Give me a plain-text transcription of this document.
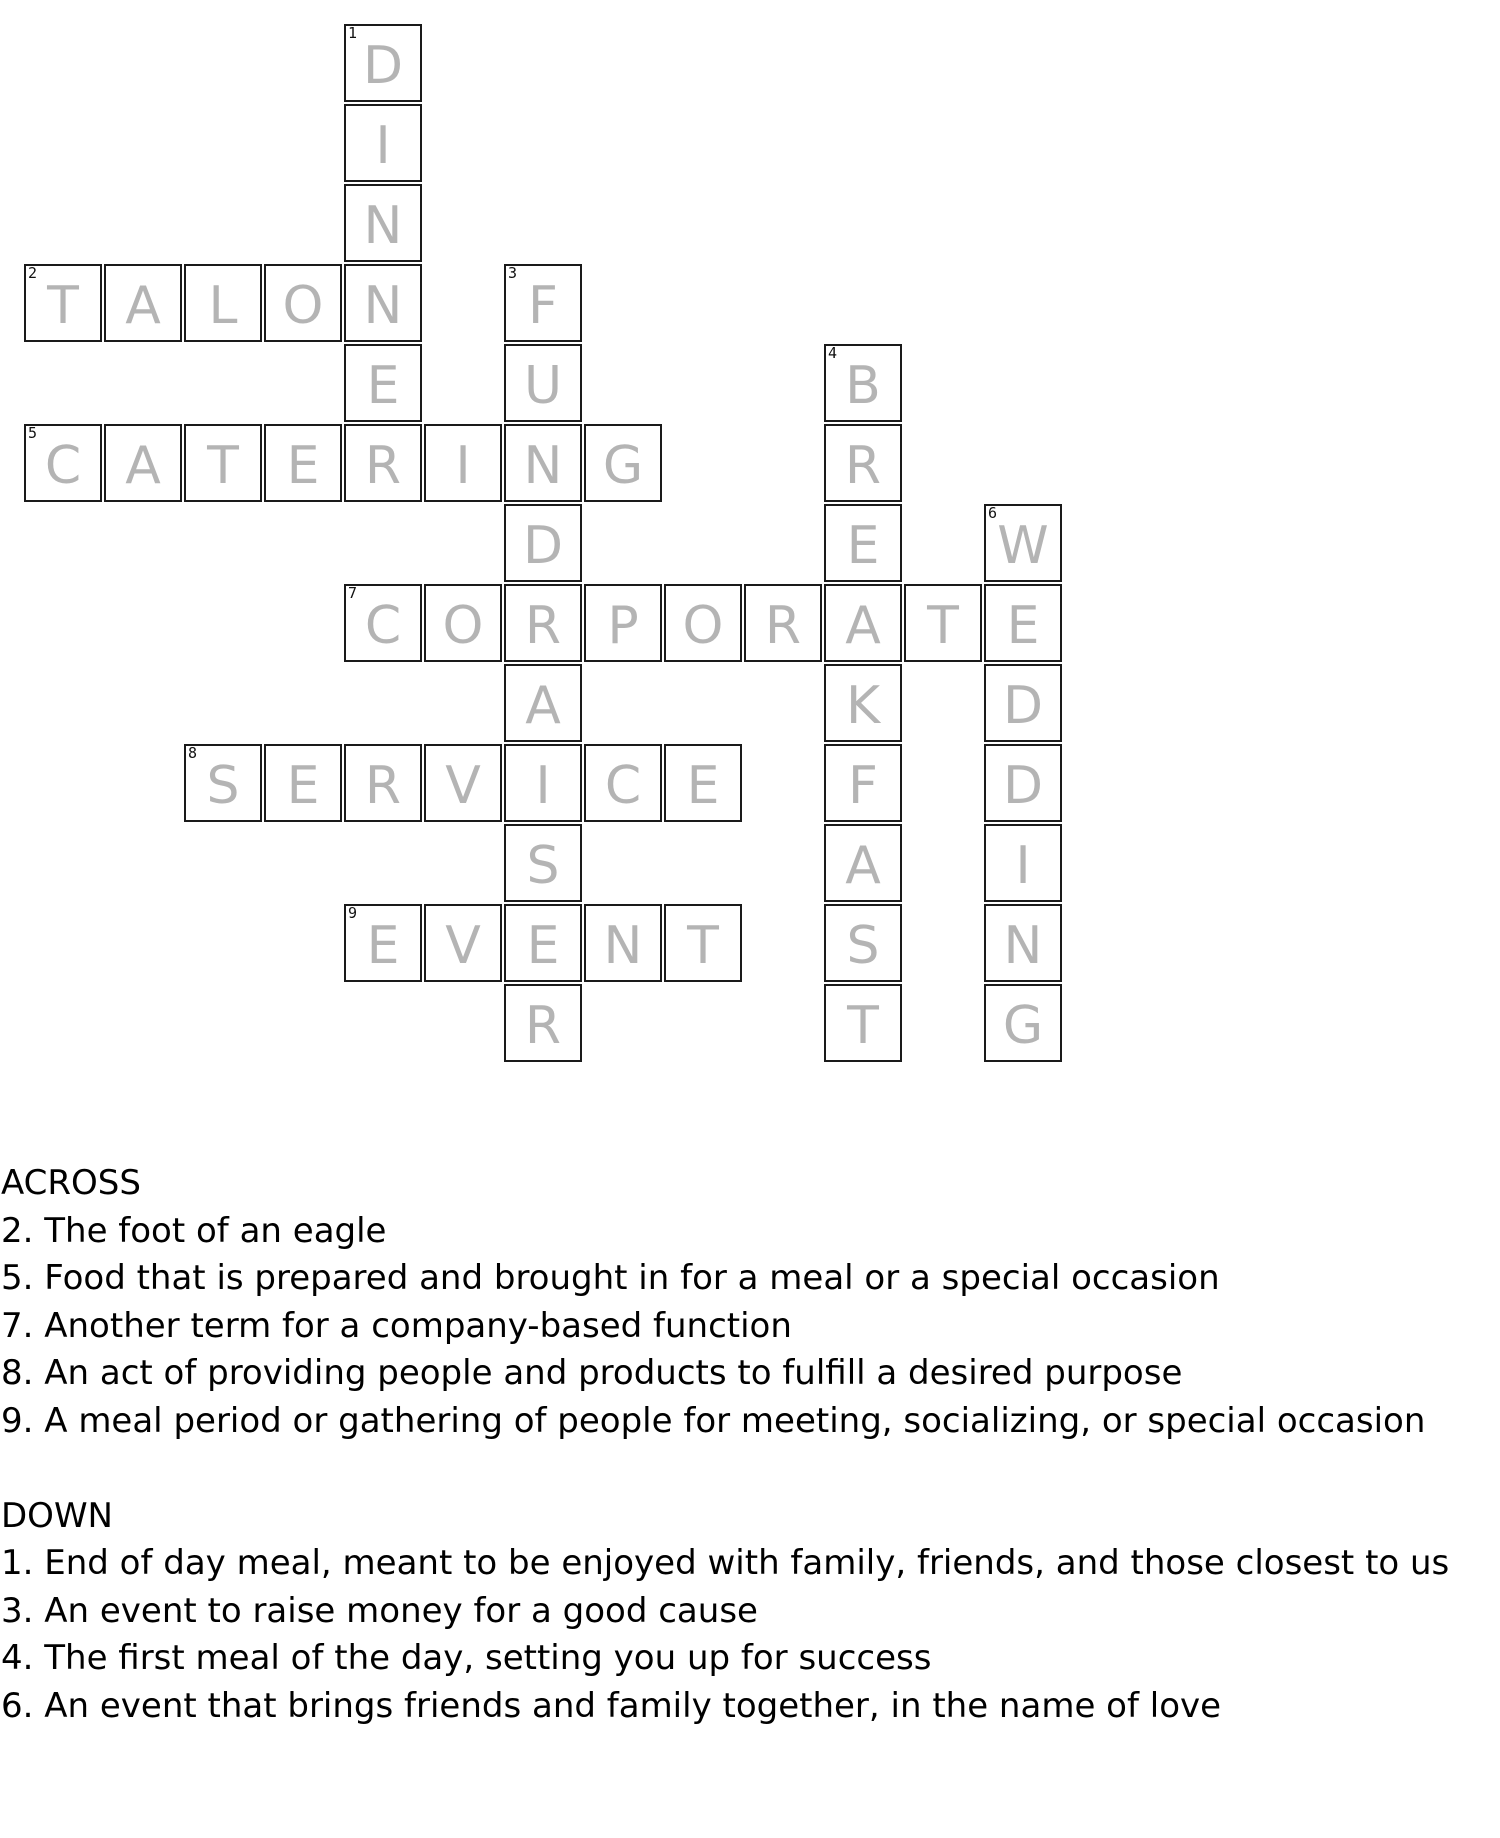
1
D
I
N
2
T A L O N
3
F
E	U
4
B
5
C A T E R	I	N G	R
D	E
6
W
7
C O R P O R A T E
A	K	D
8
S E R V	I	C E	F	D
S	A	I
9
E V E N T	S	N
R	T	G
ACROSS
2. The foot of an eagle
5. Food that is prepared and brought in for a meal or a special occasion
7. Another term for a company-based function
8. An act of providing people and products to fulfill a desired purpose
9. A meal period or gathering of people for meeting, socializing, or special occasion
DOWN
1. End of day meal, meant to be enjoyed with family, friends, and those closest to us
3. An event to raise money for a good cause
4. The first meal of the day, setting you up for success
6. An event that brings friends and family together, in the name of love
